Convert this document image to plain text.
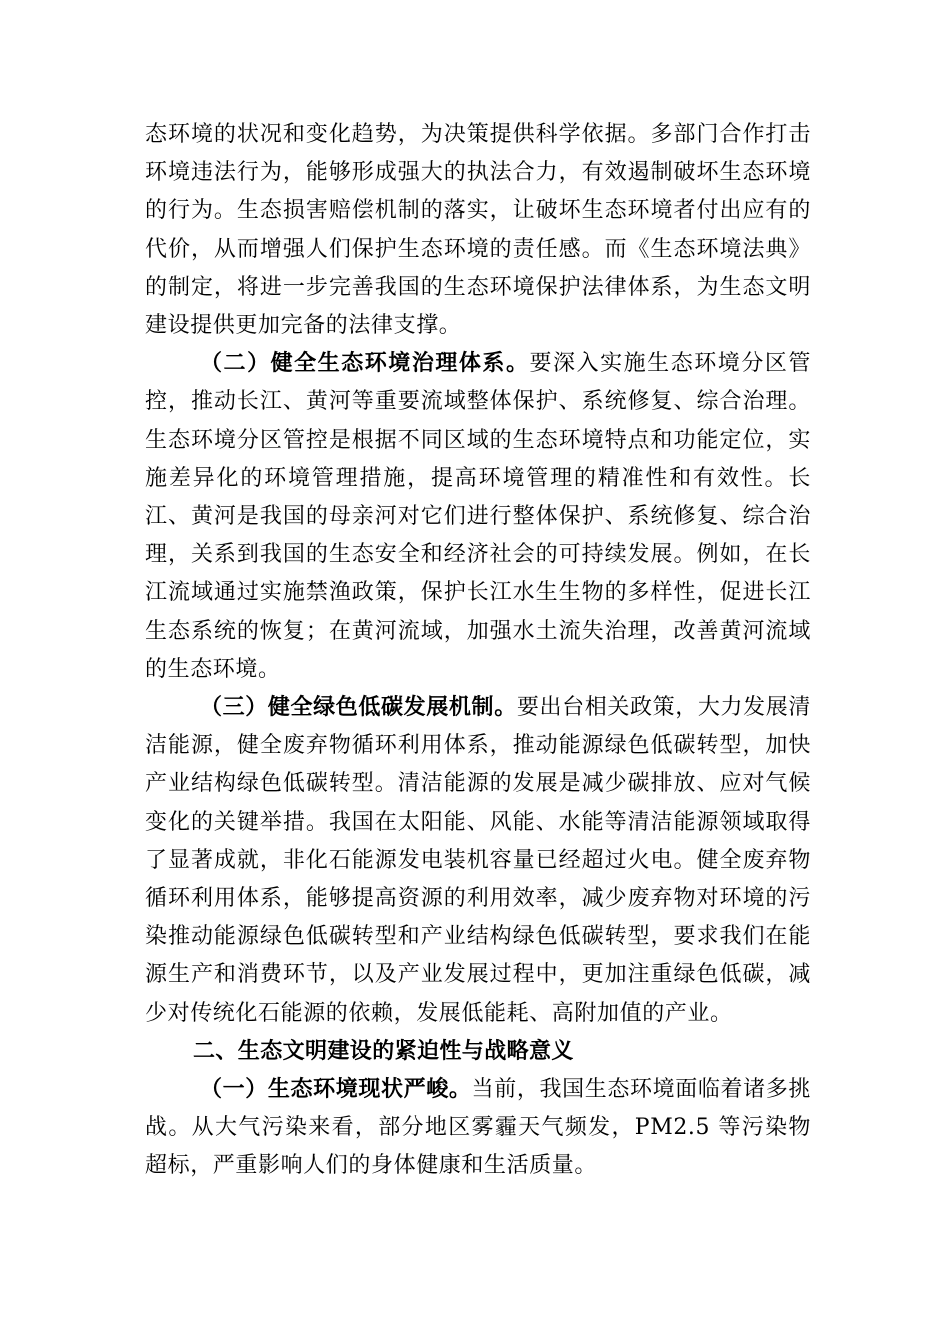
态环境的状况和变化趋势，为决策提供科学依据。多部门合作打击环境违法行为，能够形成强大的执法合力，有效遏制破坏生态环境的行为。生态损害赔偿机制的落实，让破坏生态环境者付出应有的代价，从而增强人们保护生态环境的责任感。而《生态环境法典》的制定，将进一步完善我国的生态环境保护法律体系，为生态文明建设提供更加完备的法律支撑。

（二）健全生态环境治理体系。要深入实施生态环境分区管控，推动长江、黄河等重要流域整体保护、系统修复、综合治理。生态环境分区管控是根据不同区域的生态环境特点和功能定位，实施差异化的环境管理措施，提高环境管理的精准性和有效性。长江、黄河是我国的母亲河对它们进行整体保护、系统修复、综合治理，关系到我国的生态安全和经济社会的可持续发展。例如，在长江流域通过实施禁渔政策，保护长江水生生物的多样性，促进长江生态系统的恢复；在黄河流域，加强水土流失治理，改善黄河流域的生态环境。

（三）健全绿色低碳发展机制。要出台相关政策，大力发展清洁能源，健全废弃物循环利用体系，推动能源绿色低碳转型，加快产业结构绿色低碳转型。清洁能源的发展是减少碳排放、应对气候变化的关键举措。我国在太阳能、风能、水能等清洁能源领域取得了显著成就，非化石能源发电装机容量已经超过火电。健全废弃物循环利用体系，能够提高资源的利用效率，减少废弃物对环境的污染推动能源绿色低碳转型和产业结构绿色低碳转型，要求我们在能源生产和消费环节，以及产业发展过程中，更加注重绿色低碳，减少对传统化石能源的依赖，发展低能耗、高附加值的产业。

二、生态文明建设的紧迫性与战略意义

（一）生态环境现状严峻。当前，我国生态环境面临着诸多挑战。从大气污染来看，部分地区雾霾天气频发，PM2.5 等污染物超标，严重影响人们的身体健康和生活质量。
